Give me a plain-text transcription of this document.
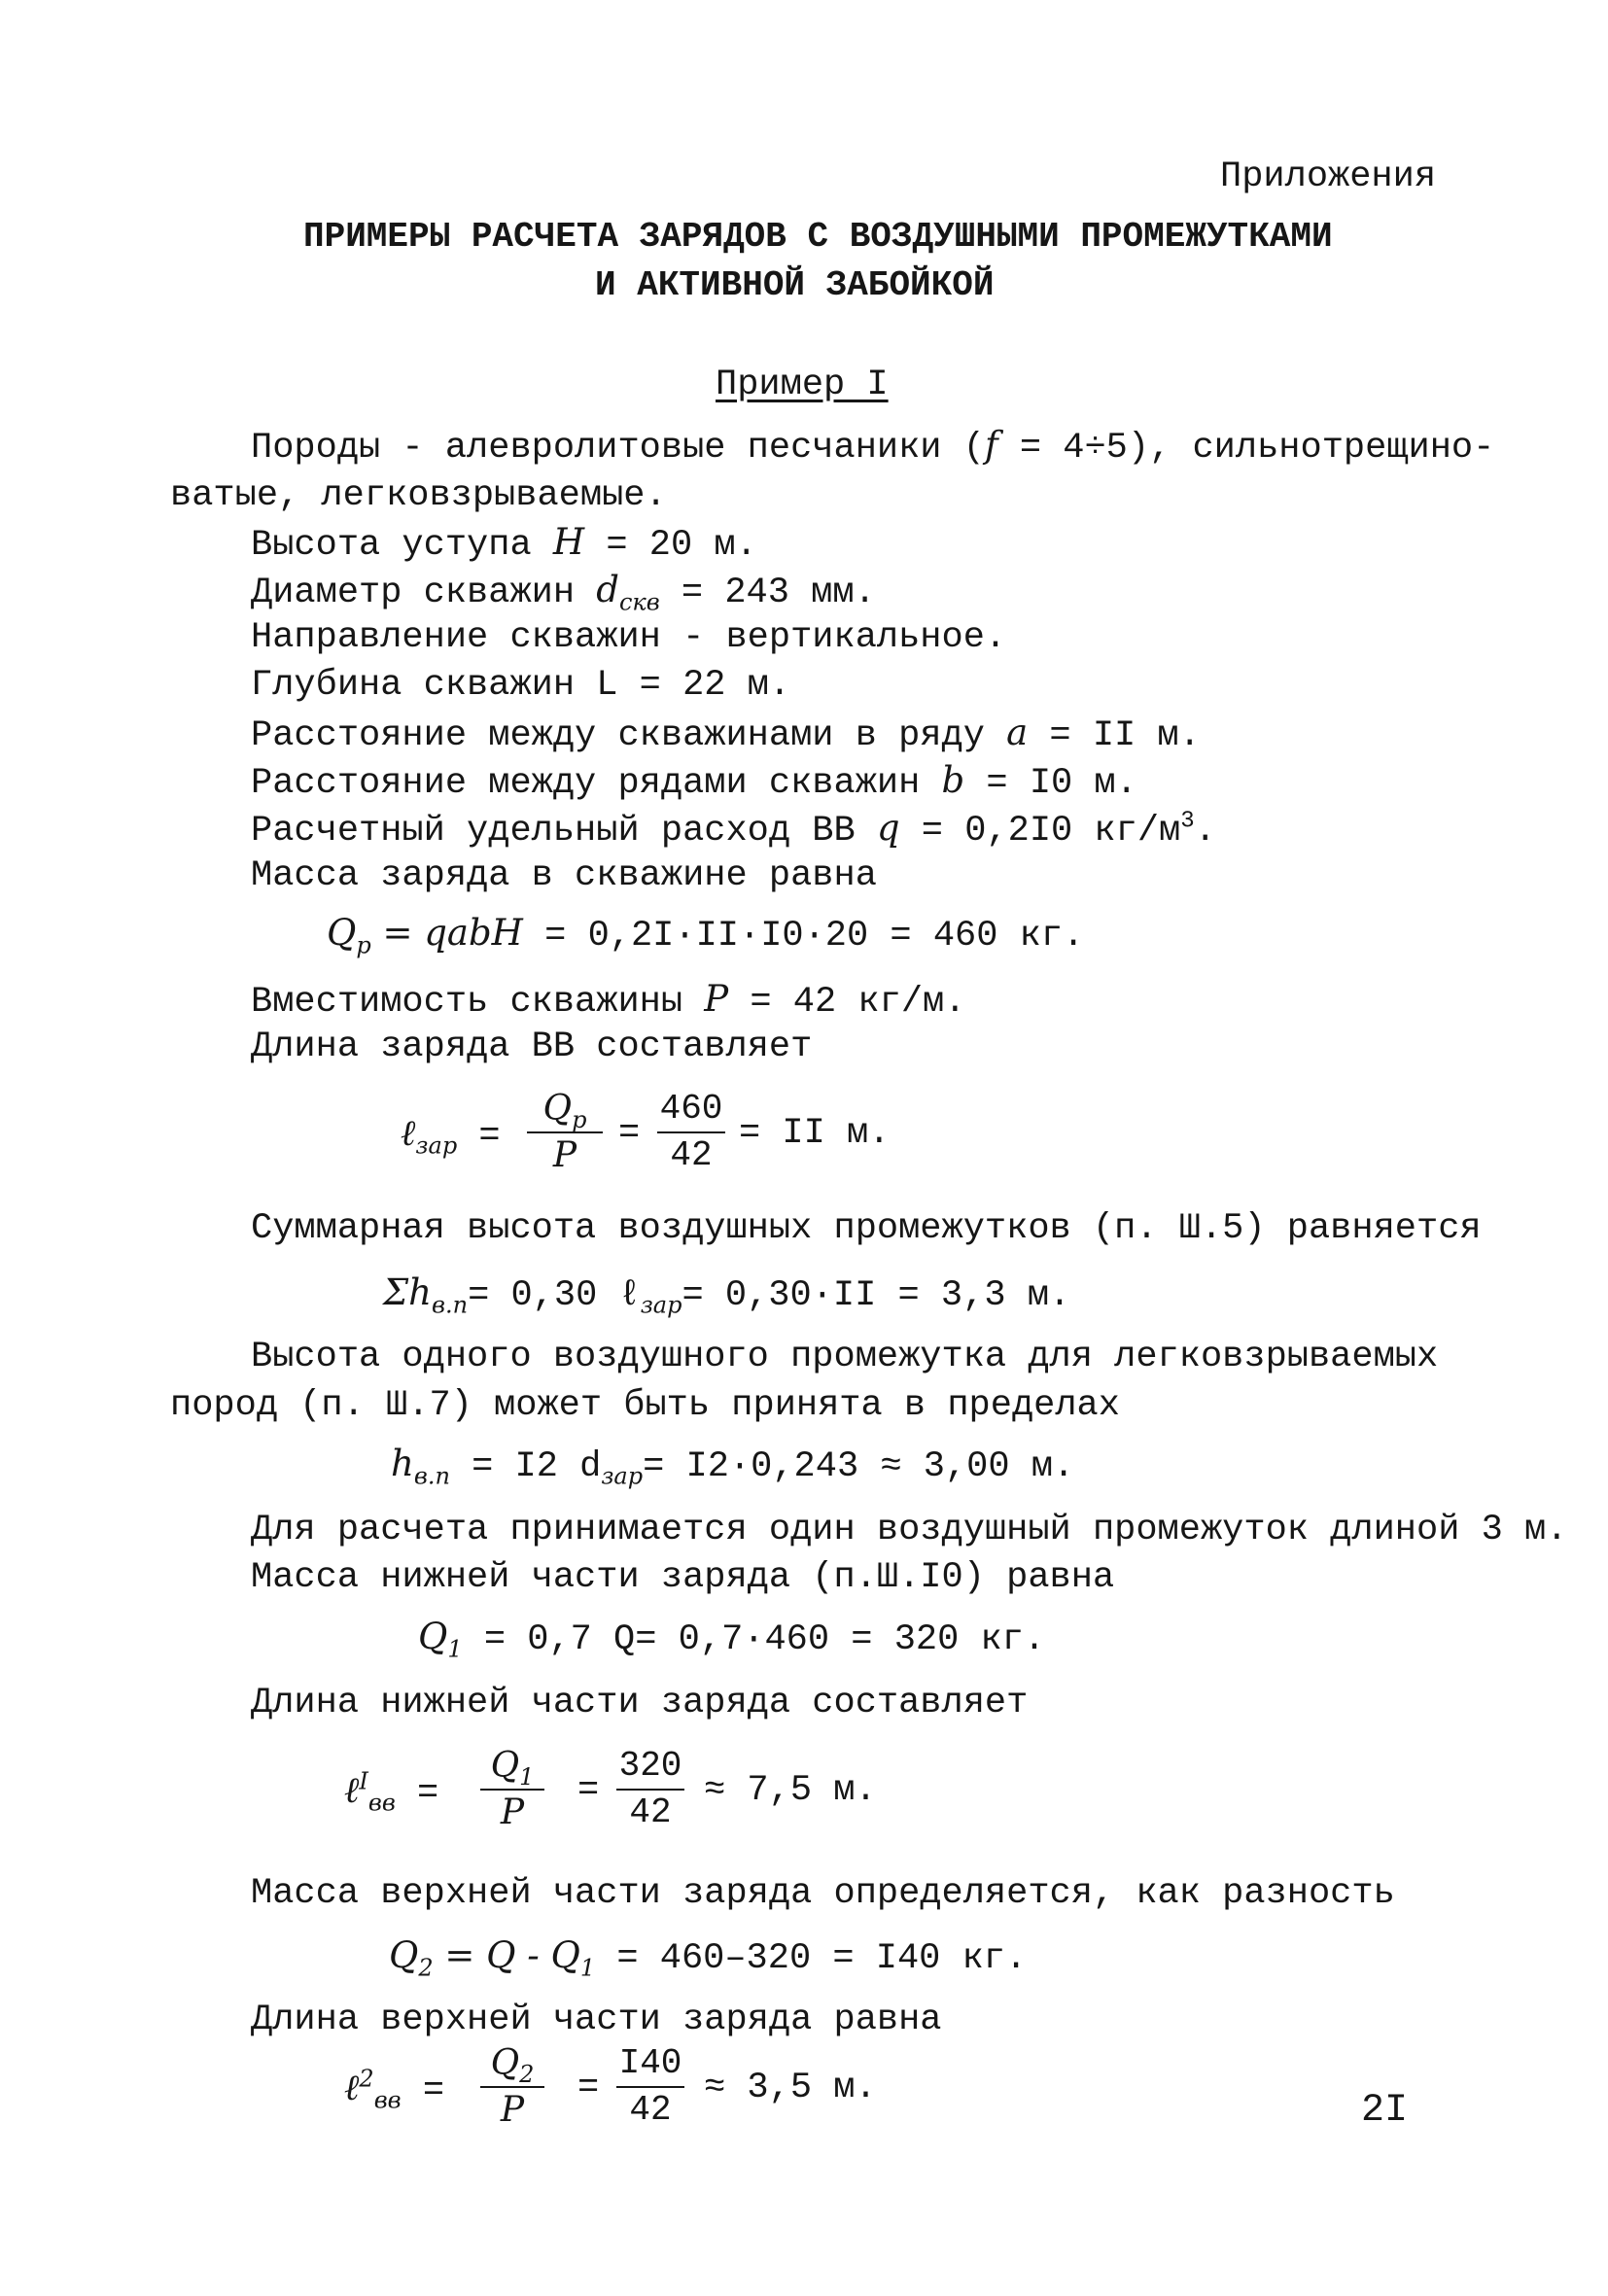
Приложения
ПРИМЕРЫ РАСЧЕТА ЗАРЯДОВ С ВОЗДУШНЫМИ ПРОМЕЖУТКАМИ
И АКТИВНОЙ ЗАБОЙКОЙ
Пример I
Породы - алевролитовые песчаники (f = 4÷5), сильнотрещино-
ватые, легковзрываемые.
Высота уступа H = 20 м.
Диаметр скважин $d_{скв} = 243$ мм.
Направление скважин - вертикальное.
Глубина скважин L = 22 м.
Расстояние между скважинами в ряду a = II м.
Расстояние между рядами скважин b = I0 м.
Расчетный удельный расход ВВ q = 0,2I0 $кг/м^3$.
Масса заряда в скважине равна
$Q_р$ = qabH = 0,2I·II·I0·20 = 460 кг.
Вместимость скважины P = 42 кг/м.
Длина заряда ВВ составляет
ℓ$_{зар}$ =
$Q_р$
P
=
460
42
= II м.
Суммарная высота воздушных промежутков (п. Ш.5) равняется
$\Sigma h_{в.п}= 0,30$ ℓ$_{зар}$= 0,30·II = 3,3 м.
Высота одного воздушного промежутка для легковзрываемых
пород (п. Ш.7) может быть принята в пределах
$h_{в.п} = I2$ $d_{зар}= I2\cdot 0,243 \approx 3,00$ м.
Для расчета принимается один воздушный промежуток длиной 3 м.
Масса нижней части заряда (п.Ш.I0) равна
$Q_1 = 0,7$ Q= 0,7·460 = 320 кг.
Длина нижней части заряда составляет
ℓ$^I_{вв}$ =
$Q_1$
P
=
320
42
≈ 7,5 м.
Масса верхней части заряда определяется, как разность
$Q_2 = Q - Q_1 = 460-320 = I40$ кг.
Длина верхней части заряда равна
ℓ$^2_{вв}$ =
$Q_2$
P
=
I40
42
≈ 3,5 м.
2I
